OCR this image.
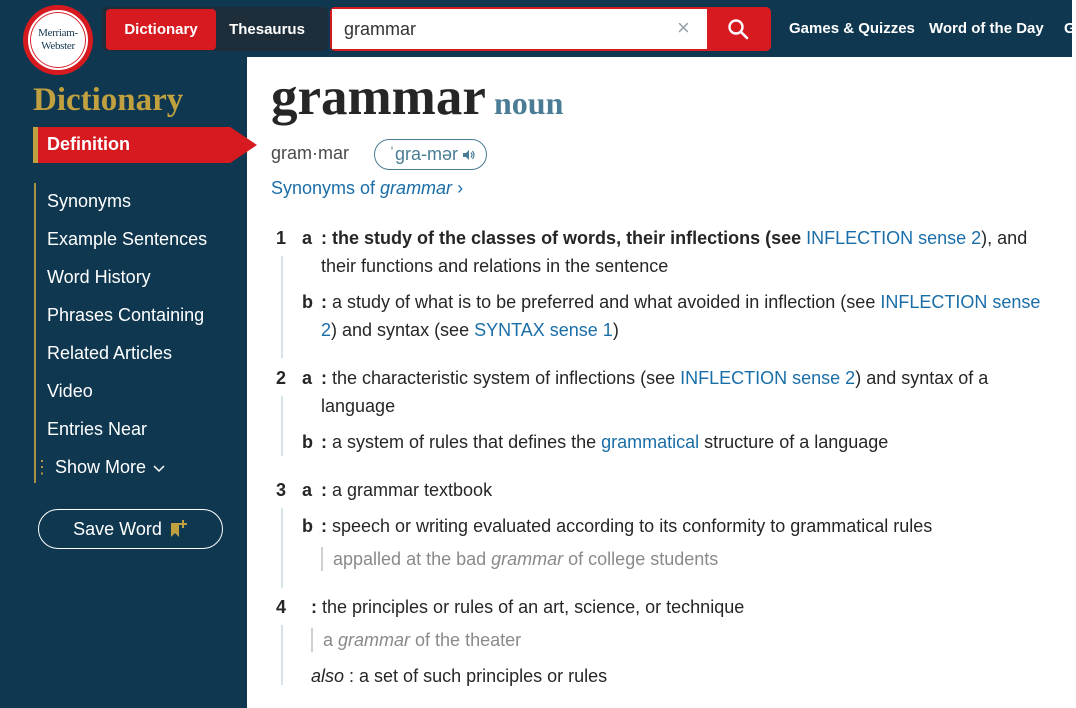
Merriam-
Webster
Dictionary	Thesaurus
grammar	×	Games & Quizzes Word of the Day G
Dictionary
Definition
Synonyms
Example Sentences
Word History
Phrases Containing
Related Articles
Video
Entries Near
⋮ Show More
Save Word
grammar noun
gram·mar ˈgra-mər
Synonyms of grammar ›
1 a : the study of the classes of words, their inflections (see INFLECTION sense 2), and their functions and relations in the sentence
b : a study of what is to be preferred and what avoided in inflection (see INFLECTION sense 2) and syntax (see SYNTAX sense 1)
2 a : the characteristic system of inflections (see INFLECTION sense 2) and syntax of a language
b : a system of rules that defines the grammatical structure of a language
3 a : a grammar textbook
b : speech or writing evaluated according to its conformity to grammatical rules
appalled at the bad grammar of college students
4 : the principles or rules of an art, science, or technique
a grammar of the theater
also : a set of such principles or rules
